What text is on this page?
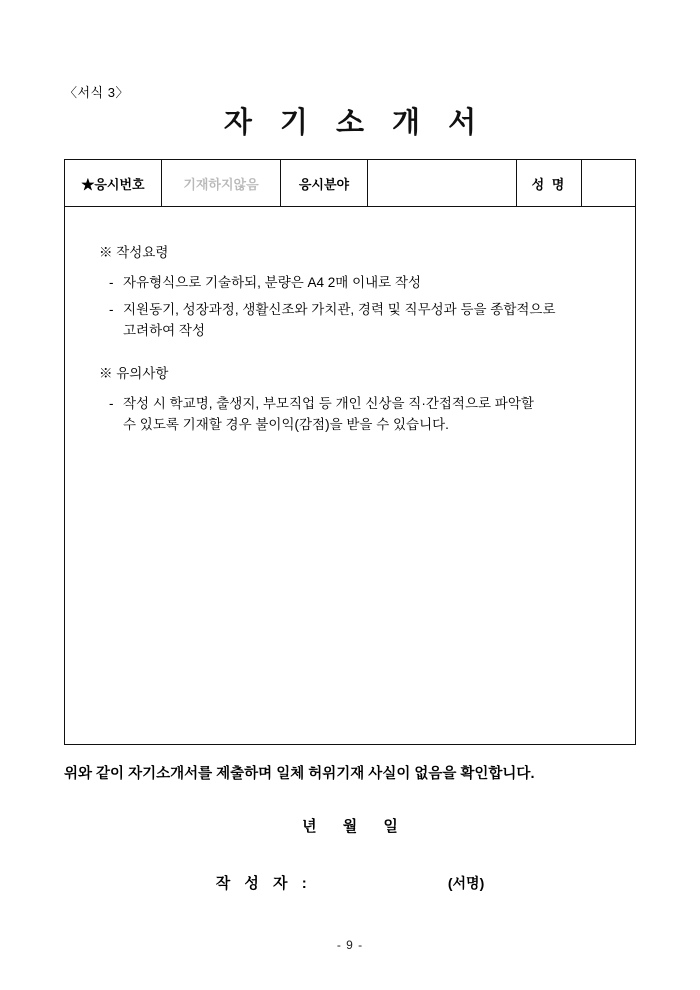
〈서식 3〉
자 기 소 개 서
★응시번호	기재하지않음	응시분야		성 명	
※ 작성요령
- 자유형식으로 기술하되, 분량은 A4 2매 이내로 작성
- 지원동기, 성장과정, 생활신조와 가치관, 경력 및 직무성과 등을 종합적으로
고려하여 작성
※ 유의사항
- 작성 시 학교명, 출생지, 부모직업 등 개인 신상을 직·간접적으로 파악할
수 있도록 기재할 경우 불이익(감점)을 받을 수 있습니다.
위와 같이 자기소개서를 제출하며 일체 허위기재 사실이 없음을 확인합니다.
년 월 일
작 성 자 :	(서명)
- 9 -
